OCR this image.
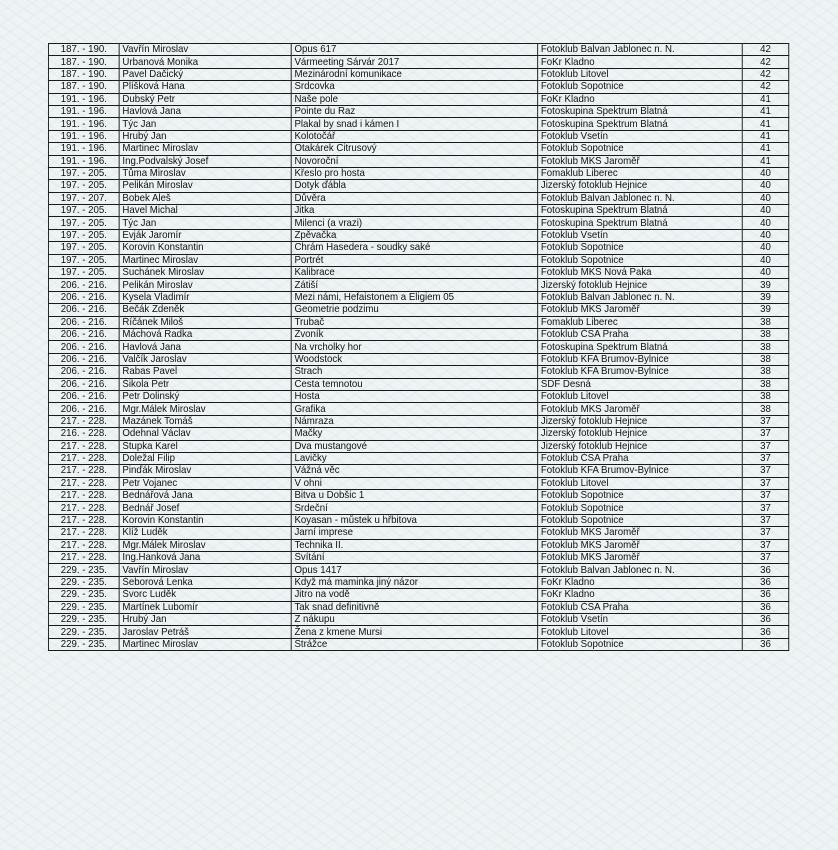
187. - 190.	Vavřín Miroslav	Opus 617	Fotoklub Balvan Jablonec n. N.	42
187. - 190.	Urbanová Monika	Vármeeting Sárvár 2017	FoKr Kladno	42
187. - 190.	Pavel Dačický	Mezinárodní komunikace	Fotoklub Litovel	42
187. - 190.	Plíšková Hana	Srdcovka	Fotoklub Sopotnice	42
191. - 196.	Dubský Petr	Naše pole	FoKr Kladno	41
191. - 196.	Havlová Jana	Pointe du Raz	Fotoskupina Spektrum Blatná	41
191. - 196.	Týc Jan	Plakal by snad i kámen I	Fotoskupina Spektrum Blatná	41
191. - 196.	Hrubý Jan	Kolotočář	Fotoklub Vsetín	41
191. - 196.	Martinec Miroslav	Otakárek Citrusový	Fotoklub Sopotnice	41
191. - 196.	Ing.Podvalský Josef	Novoroční	Fotoklub MKS Jaroměř	41
197. - 205.	Tůma Miroslav	Křeslo pro hosta	Fomaklub Liberec	40
197. - 205.	Pelikán Miroslav	Dotyk ďábla	Jizerský fotoklub Hejnice	40
197. - 207.	Bobek Aleš	Důvěra	Fotoklub Balvan Jablonec n. N.	40
197. - 205.	Havel Michal	Jitka	Fotoskupina Spektrum Blatná	40
197. - 205.	Týc Jan	Milenci (a vrazi)	Fotoskupina Spektrum Blatná	40
197. - 205.	Evják Jaromír	Zpěvačka	Fotoklub Vsetín	40
197. - 205.	Korovin Konstantin	Chrám Hasedera - soudky saké	Fotoklub Sopotnice	40
197. - 205.	Martinec Miroslav	Portrét	Fotoklub Sopotnice	40
197. - 205.	Suchánek Miroslav	Kalibrace	Fotoklub MKS Nová Paka	40
206. - 216.	Pelikán Miroslav	Zátiší	Jizerský fotoklub Hejnice	39
206. - 216.	Kysela Vladimír	Mezi námi, Hefaistonem a Eligiem 05	Fotoklub Balvan Jablonec n. N.	39
206. - 216.	Bečák Zdeněk	Geometrie podzimu	Fotoklub MKS Jaroměř	39
206. - 216.	Říčánek Miloš	Trubač	Fomaklub Liberec	38
206. - 216.	Máchová Radka	Zvoník	Fotoklub ČSA Praha	38
206. - 216.	Havlová Jana	Na vrcholky hor	Fotoskupina Spektrum Blatná	38
206. - 216.	Valčík Jaroslav	Woodstock	Fotoklub KFA Brumov-Bylnice	38
206. - 216.	Rabas Pavel	Strach	Fotoklub KFA Brumov-Bylnice	38
206. - 216.	Šikola Petr	Cesta temnotou	SDF Desná	38
206. - 216.	Petr Dolinský	Hosta	Fotoklub Litovel	38
206. - 216.	Mgr.Málek Miroslav	Grafika	Fotoklub MKS Jaroměř	38
217. - 228.	Mazánek Tomáš	Námraza	Jizerský fotoklub Hejnice	37
216. - 228.	Odehnal Václav	Mačky	Jizerský fotoklub Hejnice	37
217. - 228.	Stupka Karel	Dva mustangové	Jizerský fotoklub Hejnice	37
217. - 228.	Doležal Filip	Lavičky	Fotoklub ČSA Praha	37
217. - 228.	Pinďák Miroslav	Vážná věc	Fotoklub KFA Brumov-Bylnice	37
217. - 228.	Petr Vojanec	V ohni	Fotoklub Litovel	37
217. - 228.	Bednářová Jana	Bitva u Dobšic 1	Fotoklub Sopotnice	37
217. - 228.	Bednář Josef	Srdeční	Fotoklub Sopotnice	37
217. - 228.	Korovin Konstantin	Koyasan - můstek u hřbitova	Fotoklub Sopotnice	37
217. - 228.	Klíž Luděk	Jarní imprese	Fotoklub MKS Jaroměř	37
217. - 228.	Mgr.Málek Miroslav	Technika II.	Fotoklub MKS Jaroměř	37
217. - 228.	Ing.Hanková Jana	Svítání	Fotoklub MKS Jaroměř	37
229. - 235.	Vavřín Miroslav	Opus 1417	Fotoklub Balvan Jablonec n. N.	36
229. - 235.	Šeborová Lenka	Když má maminka jiný názor	FoKr Kladno	36
229. - 235.	Švorc Luděk	Jitro na vodě	FoKr Kladno	36
229. - 235.	Martínek Lubomír	Tak snad definitivně	Fotoklub ČSA Praha	36
229. - 235.	Hrubý Jan	Z nákupu	Fotoklub Vsetín	36
229. - 235.	Jaroslav Petráš	Žena z kmene Mursi	Fotoklub Litovel	36
229. - 235.	Martinec Miroslav	Strážce	Fotoklub Sopotnice	36
